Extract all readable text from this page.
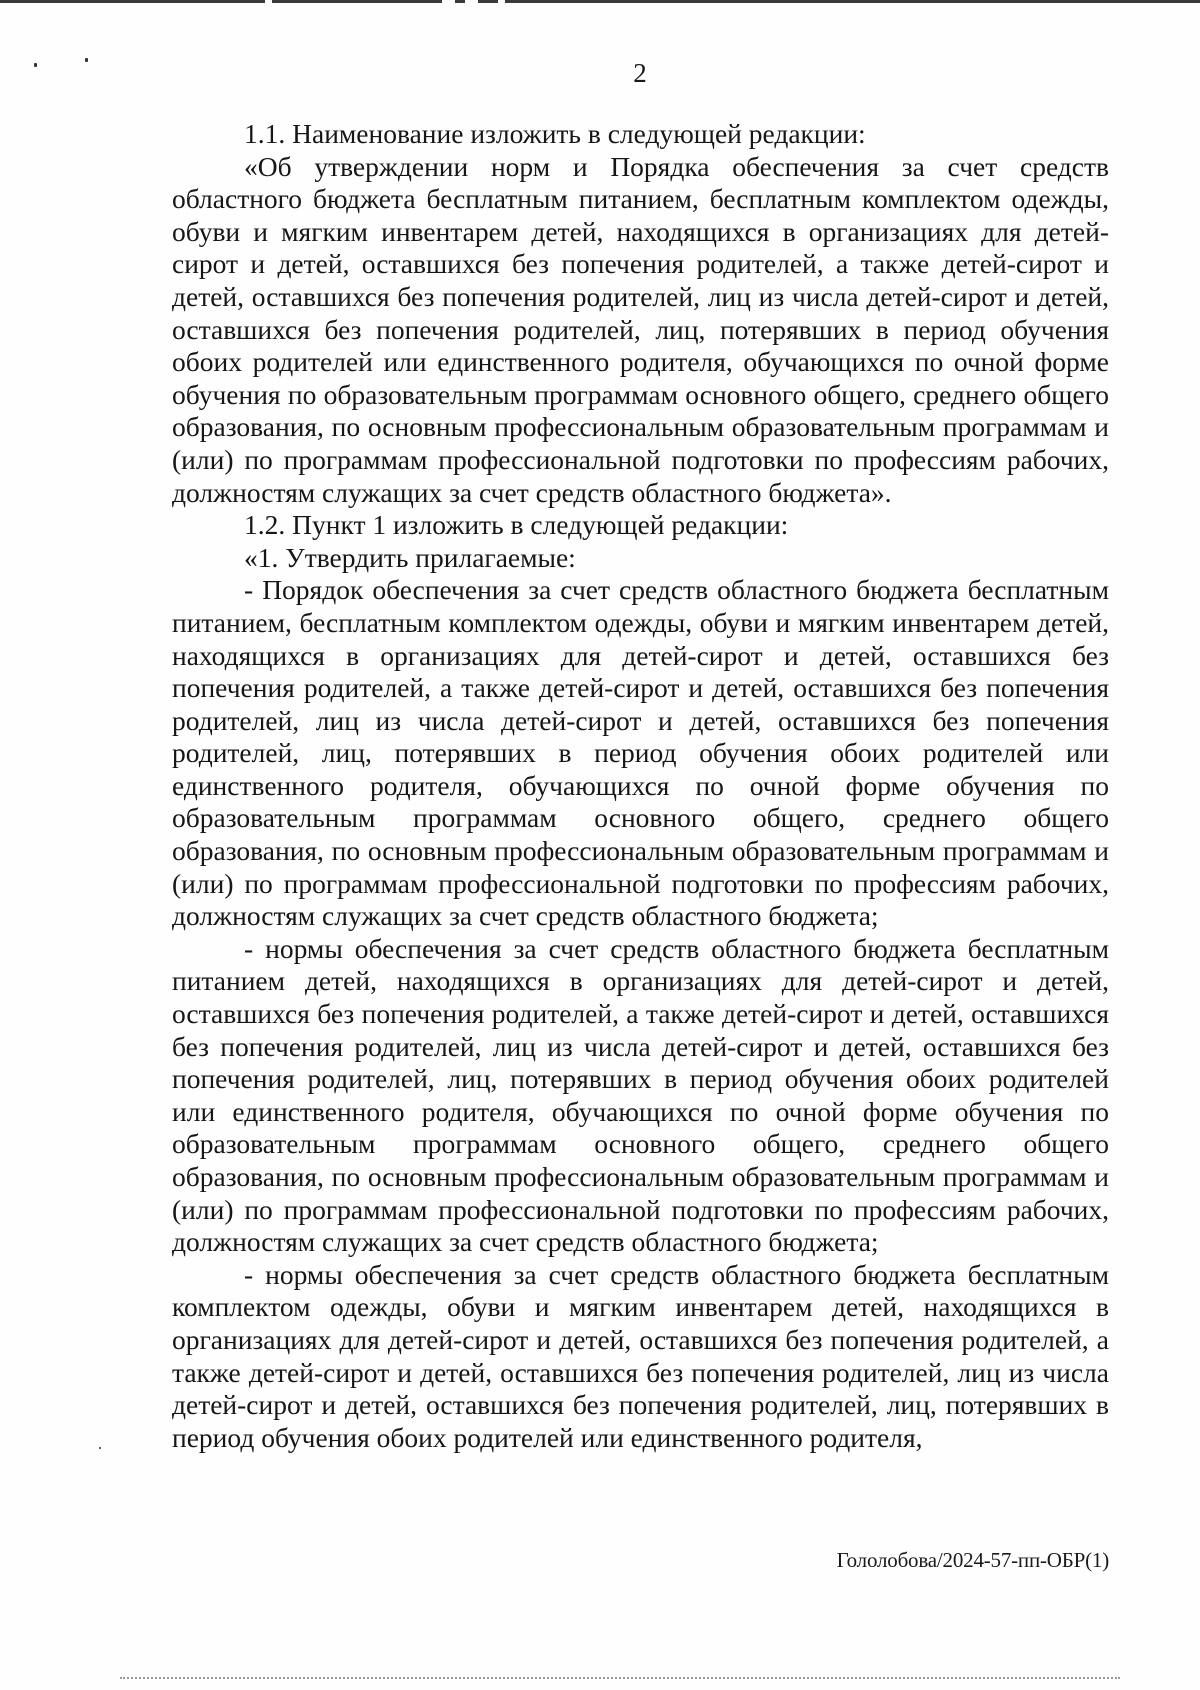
2

1.1. Наименование изложить в следующей редакции:

«Об утверждении норм и Порядка обеспечения за счет средств областного бюджета бесплатным питанием, бесплатным комплектом одежды, обуви и мягким инвентарем детей, находящихся в организациях для детей-сирот и детей, оставшихся без попечения родителей, а также детей-сирот и детей, оставшихся без попечения родителей, лиц из числа детей-сирот и детей, оставшихся без попечения родителей, лиц, потерявших в период обучения обоих родителей или единственного родителя, обучающихся по очной форме обучения по образовательным программам основного общего, среднего общего образования, по основным профессиональным образовательным программам и (или) по программам профессиональной подготовки по профессиям рабочих, должностям служащих за счет средств областного бюджета».

1.2. Пункт 1 изложить в следующей редакции:

«1. Утвердить прилагаемые:

- Порядок обеспечения за счет средств областного бюджета бесплатным питанием, бесплатным комплектом одежды, обуви и мягким инвентарем детей, находящихся в организациях для детей-сирот и детей, оставшихся без попечения родителей, а также детей-сирот и детей, оставшихся без попечения родителей, лиц из числа детей-сирот и детей, оставшихся без попечения родителей, лиц, потерявших в период обучения обоих родителей или единственного родителя, обучающихся по очной форме обучения по образовательным программам основного общего, среднего общего образования, по основным профессиональным образовательным программам и (или) по программам профессиональной подготовки по профессиям рабочих, должностям служащих за счет средств областного бюджета;

- нормы обеспечения за счет средств областного бюджета бесплатным питанием детей, находящихся в организациях для детей-сирот и детей, оставшихся без попечения родителей, а также детей-сирот и детей, оставшихся без попечения родителей, лиц из числа детей-сирот и детей, оставшихся без попечения родителей, лиц, потерявших в период обучения обоих родителей или единственного родителя, обучающихся по очной форме обучения по образовательным программам основного общего, среднего общего образования, по основным профессиональным образовательным программам и (или) по программам профессиональной подготовки по профессиям рабочих, должностям служащих за счет средств областного бюджета;

- нормы обеспечения за счет средств областного бюджета бесплатным комплектом одежды, обуви и мягким инвентарем детей, находящихся в организациях для детей-сирот и детей, оставшихся без попечения родителей, а также детей-сирот и детей, оставшихся без попечения родителей, лиц из числа детей-сирот и детей, оставшихся без попечения родителей, лиц, потерявших в период обучения обоих родителей или единственного родителя,

Гололобова/2024-57-пп-ОБР(1)
